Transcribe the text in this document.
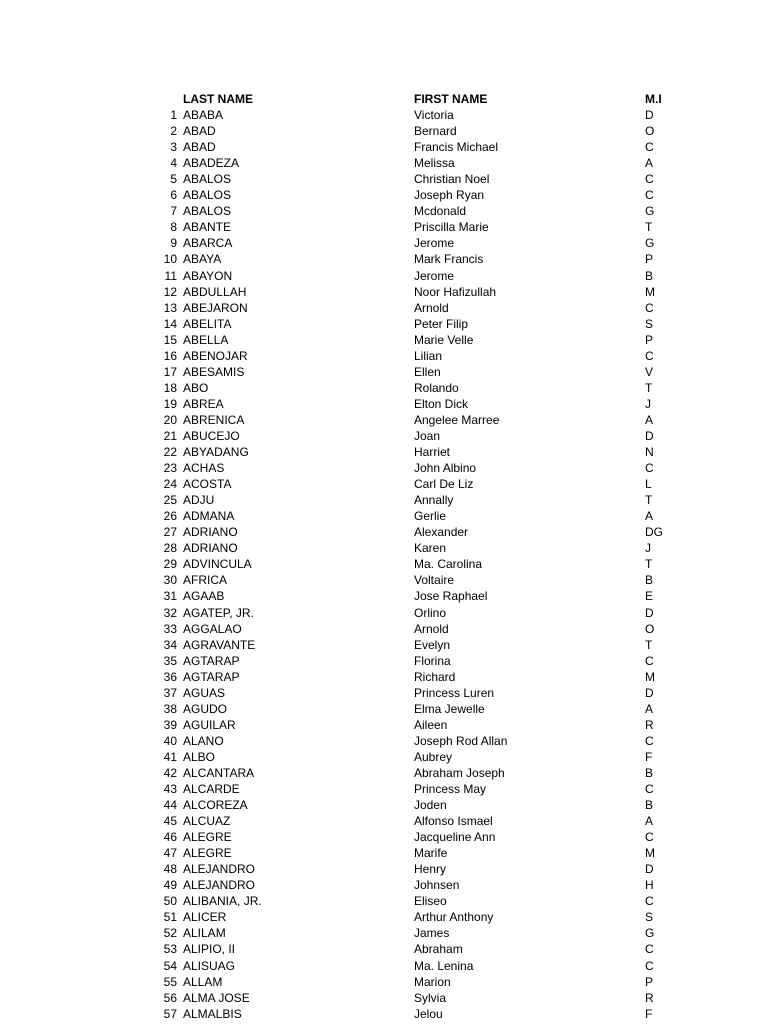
LAST NAME	FIRST NAME	M.I
1 ABABA	Victoria	D
2 ABAD	Bernard	O
3 ABAD	Francis Michael	C
4 ABADEZA	Melissa	A
5 ABALOS	Christian Noel	C
6 ABALOS	Joseph Ryan	C
7 ABALOS	Mcdonald	G
8 ABANTE	Priscilla Marie	T
9 ABARCA	Jerome	G
10 ABAYA	Mark Francis	P
11 ABAYON	Jerome	B
12 ABDULLAH	Noor Hafizullah	M
13 ABEJARON	Arnold	C
14 ABELITA	Peter Filip	S
15 ABELLA	Marie Velle	P
16 ABENOJAR	Lilian	C
17 ABESAMIS	Ellen	V
18 ABO	Rolando	T
19 ABREA	Elton Dick	J
20 ABRENICA	Angelee Marree	A
21 ABUCEJO	Joan	D
22 ABYADANG	Harriet	N
23 ACHAS	John Albino	C
24 ACOSTA	Carl De Liz	L
25 ADJU	Annally	T
26 ADMANA	Gerlie	A
27 ADRIANO	Alexander	DG
28 ADRIANO	Karen	J
29 ADVINCULA	Ma. Carolina	T
30 AFRICA	Voltaire	B
31 AGAAB	Jose Raphael	E
32 AGATEP, JR.	Orlino	D
33 AGGALAO	Arnold	O
34 AGRAVANTE	Evelyn	T
35 AGTARAP	Florina	C
36 AGTARAP	Richard	M
37 AGUAS	Princess Luren	D
38 AGUDO	Elma Jewelle	A
39 AGUILAR	Aileen	R
40 ALANO	Joseph Rod Allan	C
41 ALBO	Aubrey	F
42 ALCANTARA	Abraham Joseph	B
43 ALCARDE	Princess May	C
44 ALCOREZA	Joden	B
45 ALCUAZ	Alfonso Ismael	A
46 ALEGRE	Jacqueline Ann	C
47 ALEGRE	Marife	M
48 ALEJANDRO	Henry	D
49 ALEJANDRO	Johnsen	H
50 ALIBANIA, JR.	Eliseo	C
51 ALICER	Arthur Anthony	S
52 ALILAM	James	G
53 ALIPIO, II	Abraham	C
54 ALISUAG	Ma. Lenina	C
55 ALLAM	Marion	P
56 ALMA JOSE	Sylvia	R
57 ALMALBIS	Jelou	F
